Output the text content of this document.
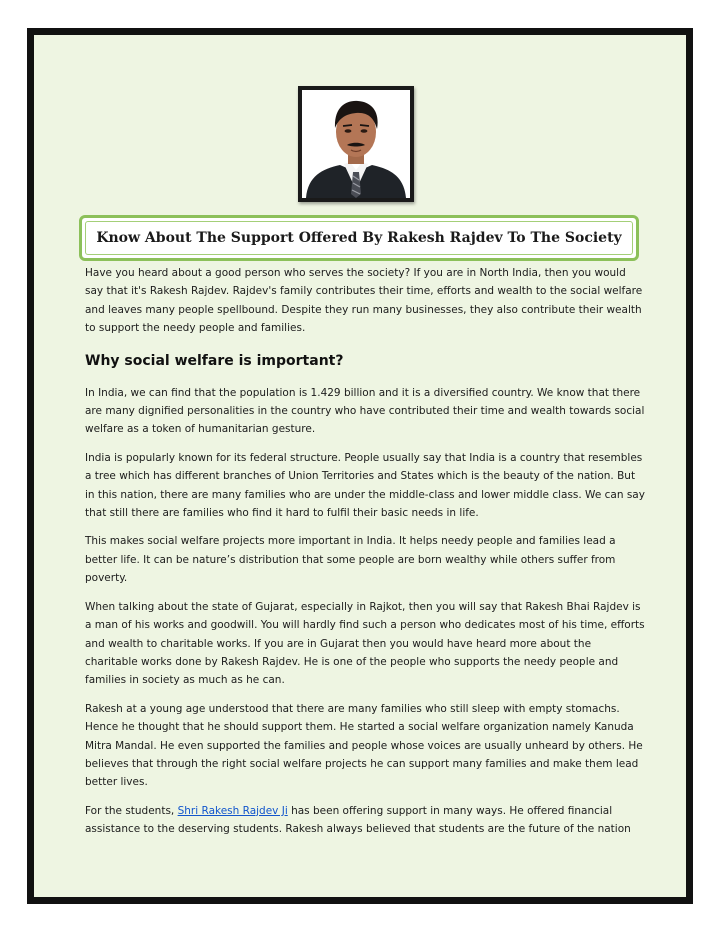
Know About The Support Offered By Rakesh Rajdev To The Society

Have you heard about a good person who serves the society? If you are in North India, then you would say that it's Rakesh Rajdev. Rajdev's family contributes their time, efforts and wealth to the social welfare and leaves many people spellbound. Despite they run many businesses, they also contribute their wealth to support the needy people and families.

Why social welfare is important?

In India, we can find that the population is 1.429 billion and it is a diversified country. We know that there are many dignified personalities in the country who have contributed their time and wealth towards social welfare as a token of humanitarian gesture.

India is popularly known for its federal structure. People usually say that India is a country that resembles a tree which has different branches of Union Territories and States which is the beauty of the nation. But in this nation, there are many families who are under the middle-class and lower middle class. We can say that still there are families who find it hard to fulfil their basic needs in life.

This makes social welfare projects more important in India. It helps needy people and families lead a better life. It can be nature’s distribution that some people are born wealthy while others suffer from poverty.

When talking about the state of Gujarat, especially in Rajkot, then you will say that Rakesh Bhai Rajdev is a man of his works and goodwill. You will hardly find such a person who dedicates most of his time, efforts and wealth to charitable works. If you are in Gujarat then you would have heard more about the charitable works done by Rakesh Rajdev. He is one of the people who supports the needy people and families in society as much as he can.

Rakesh at a young age understood that there are many families who still sleep with empty stomachs. Hence he thought that he should support them. He started a social welfare organization namely Kanuda Mitra Mandal. He even supported the families and people whose voices are usually unheard by others. He believes that through the right social welfare projects he can support many families and make them lead better lives.

For the students, Shri Rakesh Rajdev Ji has been offering support in many ways. He offered financial assistance to the deserving students. Rakesh always believed that students are the future of the nation
